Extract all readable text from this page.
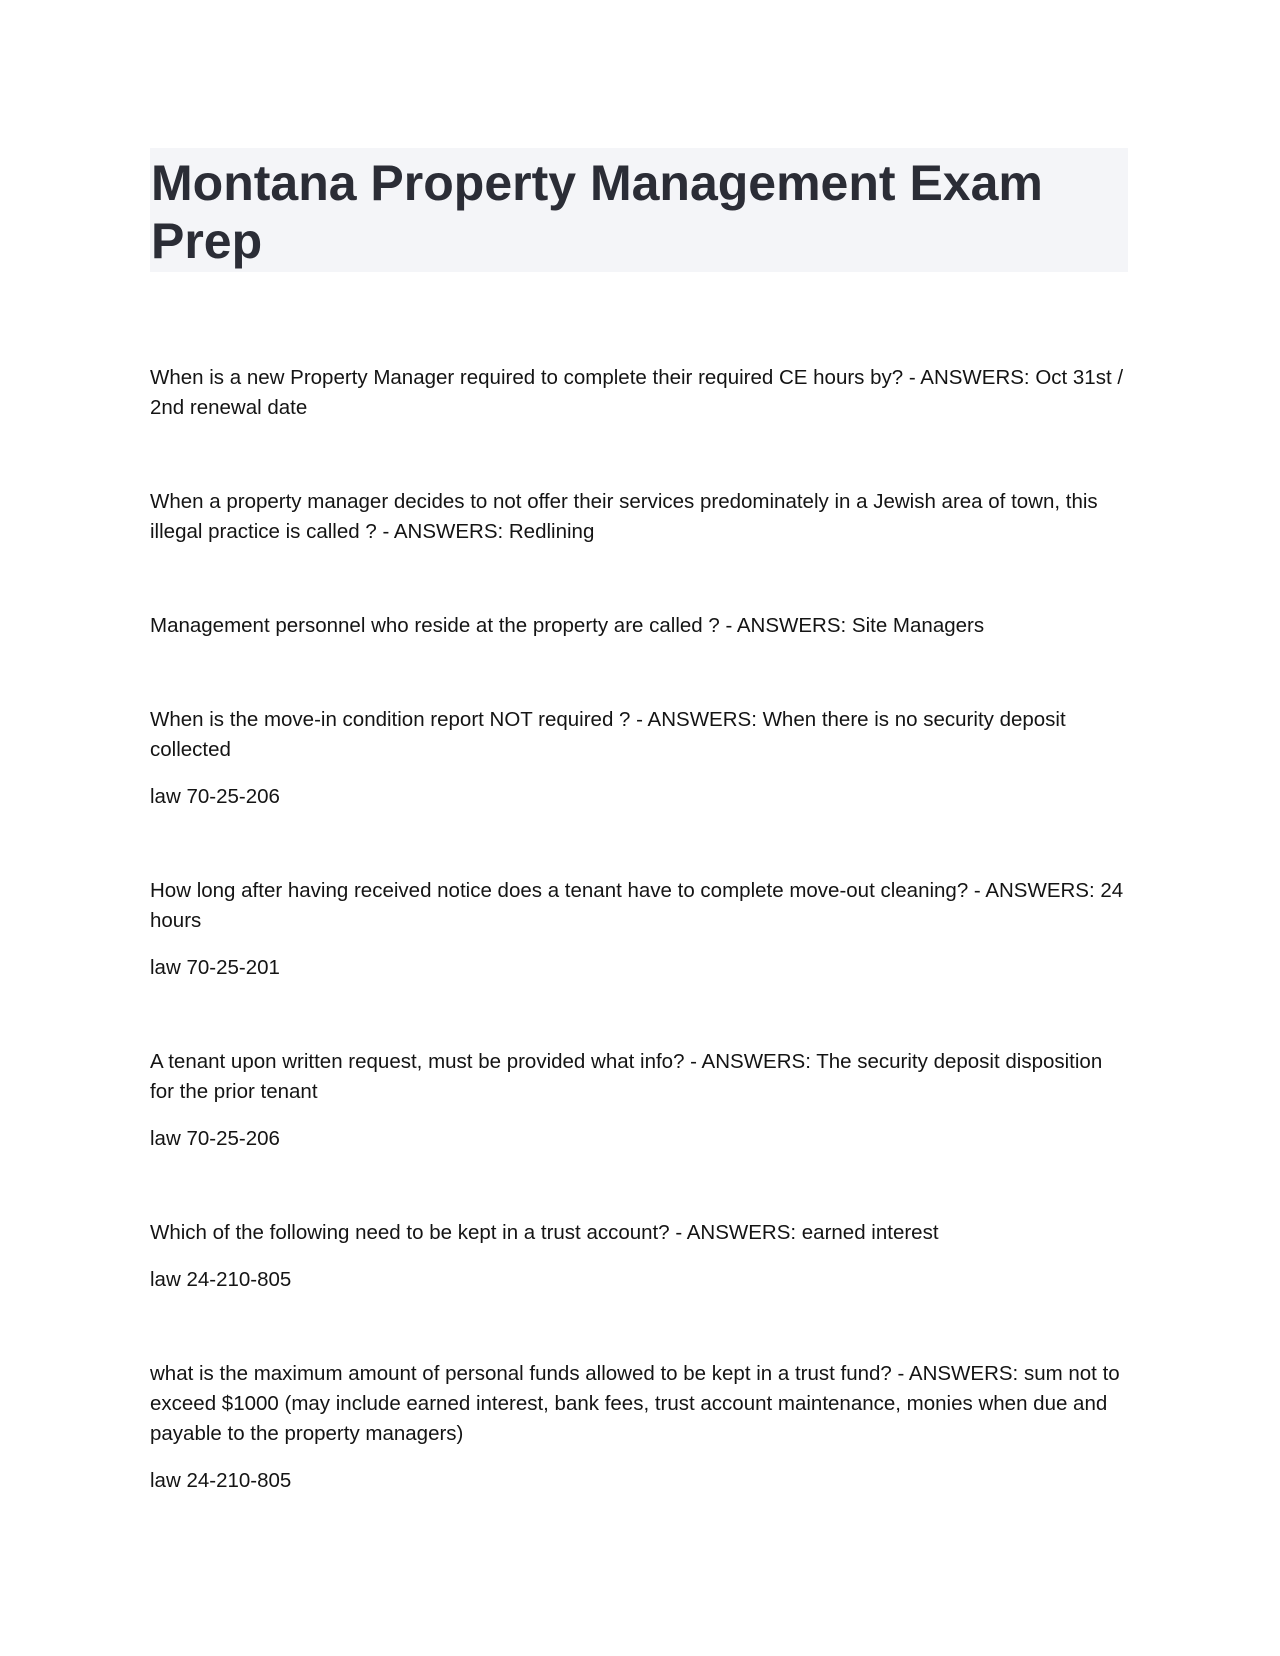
Montana Property Management Exam Prep

When is a new Property Manager required to complete their required CE hours by? - ANSWERS: Oct 31st / 2nd renewal date

When a property manager decides to not offer their services predominately in a Jewish area of town, this illegal practice is called ? - ANSWERS: Redlining

Management personnel who reside at the property are called ? - ANSWERS: Site Managers

When is the move-in condition report NOT required ? - ANSWERS: When there is no security deposit collected

law 70-25-206

How long after having received notice does a tenant have to complete move-out cleaning? - ANSWERS: 24 hours

law 70-25-201

A tenant upon written request, must be provided what info? - ANSWERS: The security deposit disposition for the prior tenant

law 70-25-206

Which of the following need to be kept in a trust account? - ANSWERS: earned interest

law 24-210-805

what is the maximum amount of personal funds allowed to be kept in a trust fund? - ANSWERS: sum not to exceed $1000 (may include earned interest, bank fees, trust account maintenance, monies when due and payable to the property managers)

law 24-210-805
